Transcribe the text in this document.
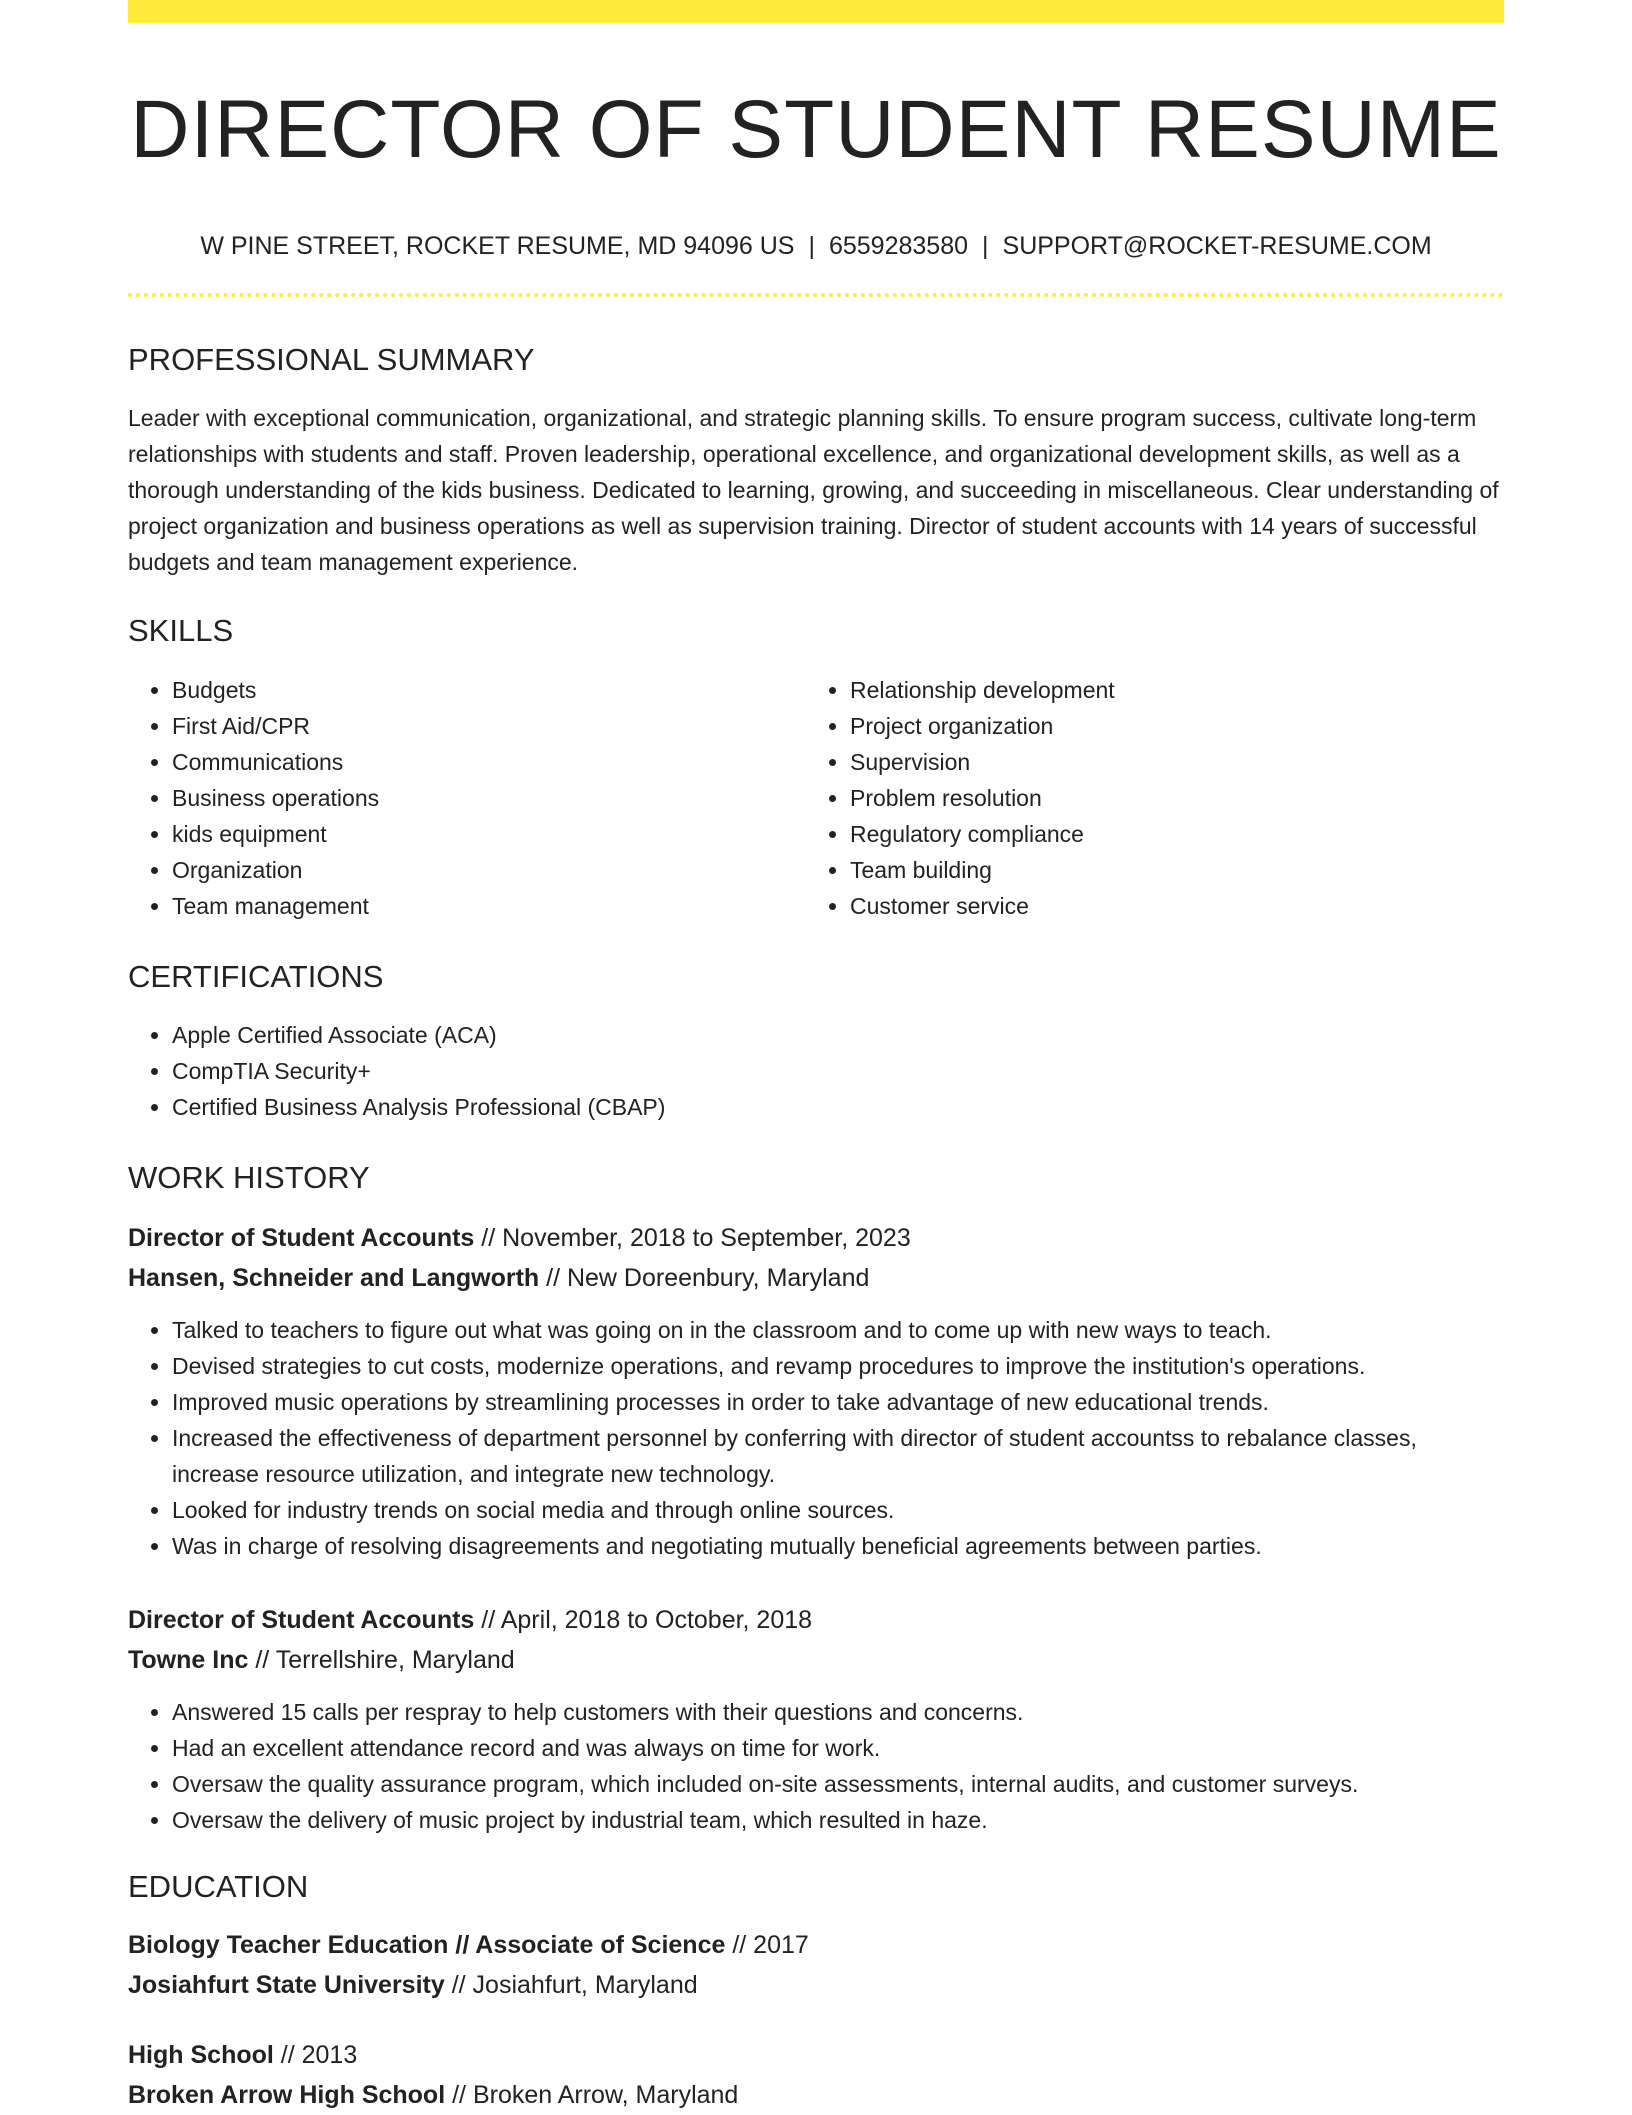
DIRECTOR OF STUDENT RESUME
W PINE STREET, ROCKET RESUME, MD 94096 US | 6559283580 | SUPPORT@ROCKET-RESUME.COM
PROFESSIONAL SUMMARY
Leader with exceptional communication, organizational, and strategic planning skills. To ensure program success, cultivate long-term relationships with students and staff. Proven leadership, operational excellence, and organizational development skills, as well as a thorough understanding of the kids business. Dedicated to learning, growing, and succeeding in miscellaneous. Clear understanding of project organization and business operations as well as supervision training. Director of student accounts with 14 years of successful budgets and team management experience.
SKILLS
• Budgets
• First Aid/CPR
• Communications
• Business operations
• kids equipment
• Organization
• Team management
• Relationship development
• Project organization
• Supervision
• Problem resolution
• Regulatory compliance
• Team building
• Customer service
CERTIFICATIONS
• Apple Certified Associate (ACA)
• CompTIA Security+
• Certified Business Analysis Professional (CBAP)
WORK HISTORY
Director of Student Accounts // November, 2018 to September, 2023
Hansen, Schneider and Langworth // New Doreenbury, Maryland
• Talked to teachers to figure out what was going on in the classroom and to come up with new ways to teach.
• Devised strategies to cut costs, modernize operations, and revamp procedures to improve the institution's operations.
• Improved music operations by streamlining processes in order to take advantage of new educational trends.
• Increased the effectiveness of department personnel by conferring with director of student accountss to rebalance classes, increase resource utilization, and integrate new technology.
• Looked for industry trends on social media and through online sources.
• Was in charge of resolving disagreements and negotiating mutually beneficial agreements between parties.
Director of Student Accounts // April, 2018 to October, 2018
Towne Inc // Terrellshire, Maryland
• Answered 15 calls per respray to help customers with their questions and concerns.
• Had an excellent attendance record and was always on time for work.
• Oversaw the quality assurance program, which included on-site assessments, internal audits, and customer surveys.
• Oversaw the delivery of music project by industrial team, which resulted in haze.
EDUCATION
Biology Teacher Education // Associate of Science // 2017
Josiahfurt State University // Josiahfurt, Maryland
High School // 2013
Broken Arrow High School // Broken Arrow, Maryland
